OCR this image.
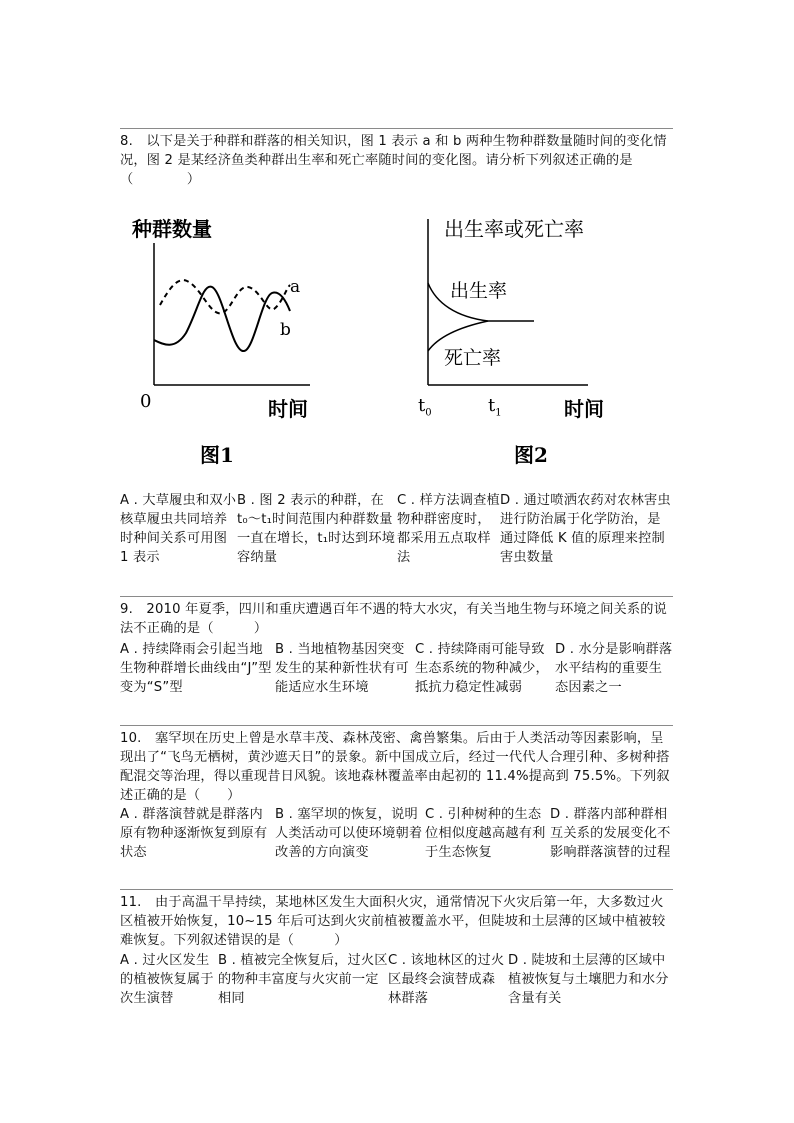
8.　以下是关于种群和群落的相关知识，图 1 表示 a 和 b 两种生物种群数量随时间的变化情况，图 2 是某经济鱼类种群出生率和死亡率随时间的变化图。请分析下列叙述正确的是（　　　　）
种群数量
a
b
0	时间
图1
出生率或死亡率
出生率
死亡率
$t_0$	$t_1$	时间
图2
A . 大草履虫和双小核草履虫共同培养时种间关系可用图 1 表示
B . 图 2 表示的种群，在 t₀～t₁时间范围内种群数量一直在增长，t₁时达到环境容纳量
C . 样方法调查植物种群密度时，都采用五点取样法
D . 通过喷洒农药对农林害虫进行防治属于化学防治，是通过降低 K 值的原理来控制害虫数量
9.　2010 年夏季，四川和重庆遭遇百年不遇的特大水灾，有关当地生物与环境之间关系的说法不正确的是（　　　）
A . 持续降雨会引起当地生物种群增长曲线由“J”型变为“S”型
B . 当地植物基因突变发生的某种新性状有可能适应水生环境
C . 持续降雨可能导致生态系统的物种减少，抵抗力稳定性减弱
D . 水分是影响群落水平结构的重要生态因素之一
10.　塞罕坝在历史上曾是水草丰茂、森林茂密、禽兽繁集。后由于人类活动等因素影响，呈现出了“飞鸟无栖树，黄沙遮天日”的景象。新中国成立后，经过一代代人合理引种、多树种搭配混交等治理，得以重现昔日风貌。该地森林覆盖率由起初的 11.4%提高到 75.5%。下列叙述正确的是（　　）
A . 群落演替就是群落内原有物种逐渐恢复到原有状态
B . 塞罕坝的恢复，说明人类活动可以使环境朝着改善的方向演变
C . 引种树种的生态位相似度越高越有利于生态恢复
D . 群落内部种群相互关系的发展变化不影响群落演替的过程
11.　由于高温干旱持续，某地林区发生大面积火灾，通常情况下火灾后第一年，大多数过火区植被开始恢复，10~15 年后可达到火灾前植被覆盖水平，但陡坡和土层薄的区域中植被较难恢复。下列叙述错误的是（　　　）
A . 过火区发生的植被恢复属于次生演替
B . 植被完全恢复后，过火区的物种丰富度与火灾前一定相同
C . 该地林区的过火区最终会演替成森林群落
D . 陡坡和土层薄的区域中植被恢复与土壤肥力和水分含量有关
